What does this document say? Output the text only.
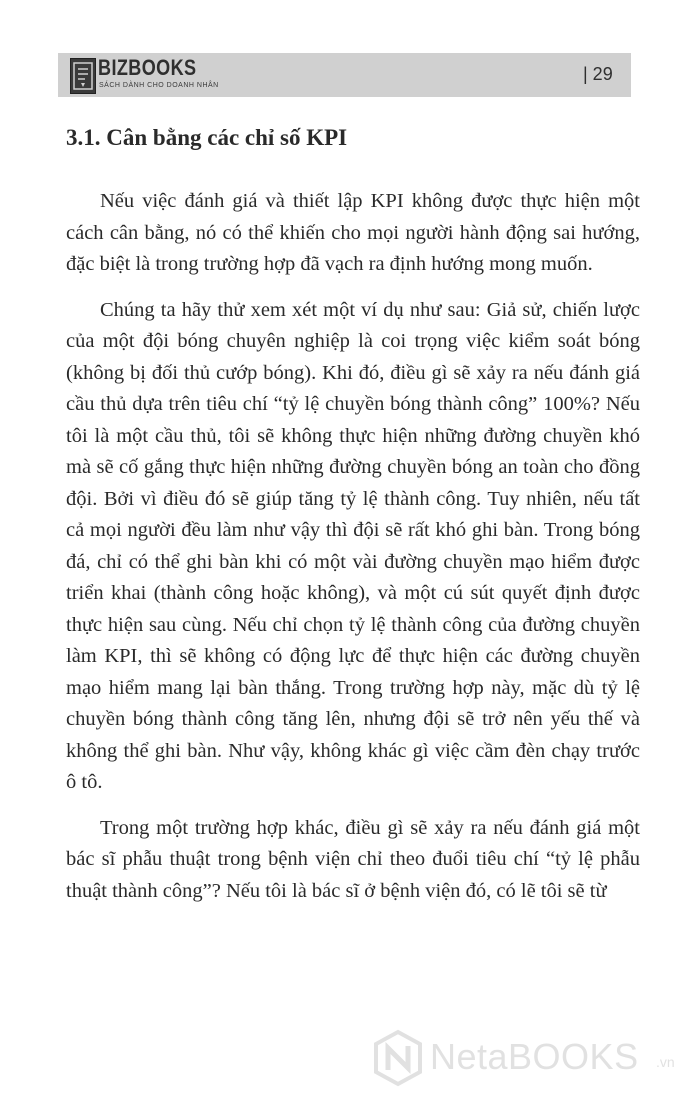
BIZBOOKS
SÁCH DÀNH CHO DOANH NHÂN
| 29
3.1. Cân bằng các chỉ số KPI

Nếu việc đánh giá và thiết lập KPI không được thực hiện một cách cân bằng, nó có thể khiến cho mọi người hành động sai hướng, đặc biệt là trong trường hợp đã vạch ra định hướng mong muốn.

Chúng ta hãy thử xem xét một ví dụ như sau: Giả sử, chiến lược của một đội bóng chuyên nghiệp là coi trọng việc kiểm soát bóng (không bị đối thủ cướp bóng). Khi đó, điều gì sẽ xảy ra nếu đánh giá cầu thủ dựa trên tiêu chí “tỷ lệ chuyền bóng thành công” 100%? Nếu tôi là một cầu thủ, tôi sẽ không thực hiện những đường chuyền khó mà sẽ cố gắng thực hiện những đường chuyền bóng an toàn cho đồng đội. Bởi vì điều đó sẽ giúp tăng tỷ lệ thành công. Tuy nhiên, nếu tất cả mọi người đều làm như vậy thì đội sẽ rất khó ghi bàn. Trong bóng đá, chỉ có thể ghi bàn khi có một vài đường chuyền mạo hiểm được triển khai (thành công hoặc không), và một cú sút quyết định được thực hiện sau cùng. Nếu chỉ chọn tỷ lệ thành công của đường chuyền làm KPI, thì sẽ không có động lực để thực hiện các đường chuyền mạo hiểm mang lại bàn thắng. Trong trường hợp này, mặc dù tỷ lệ chuyền bóng thành công tăng lên, nhưng đội sẽ trở nên yếu thế và không thể ghi bàn. Như vậy, không khác gì việc cầm đèn chạy trước ô tô.

Trong một trường hợp khác, điều gì sẽ xảy ra nếu đánh giá một bác sĩ phẫu thuật trong bệnh viện chỉ theo đuổi tiêu chí “tỷ lệ phẫu thuật thành công”? Nếu tôi là bác sĩ ở bệnh viện đó, có lẽ tôi sẽ từ

NetaBOOKS .vn
